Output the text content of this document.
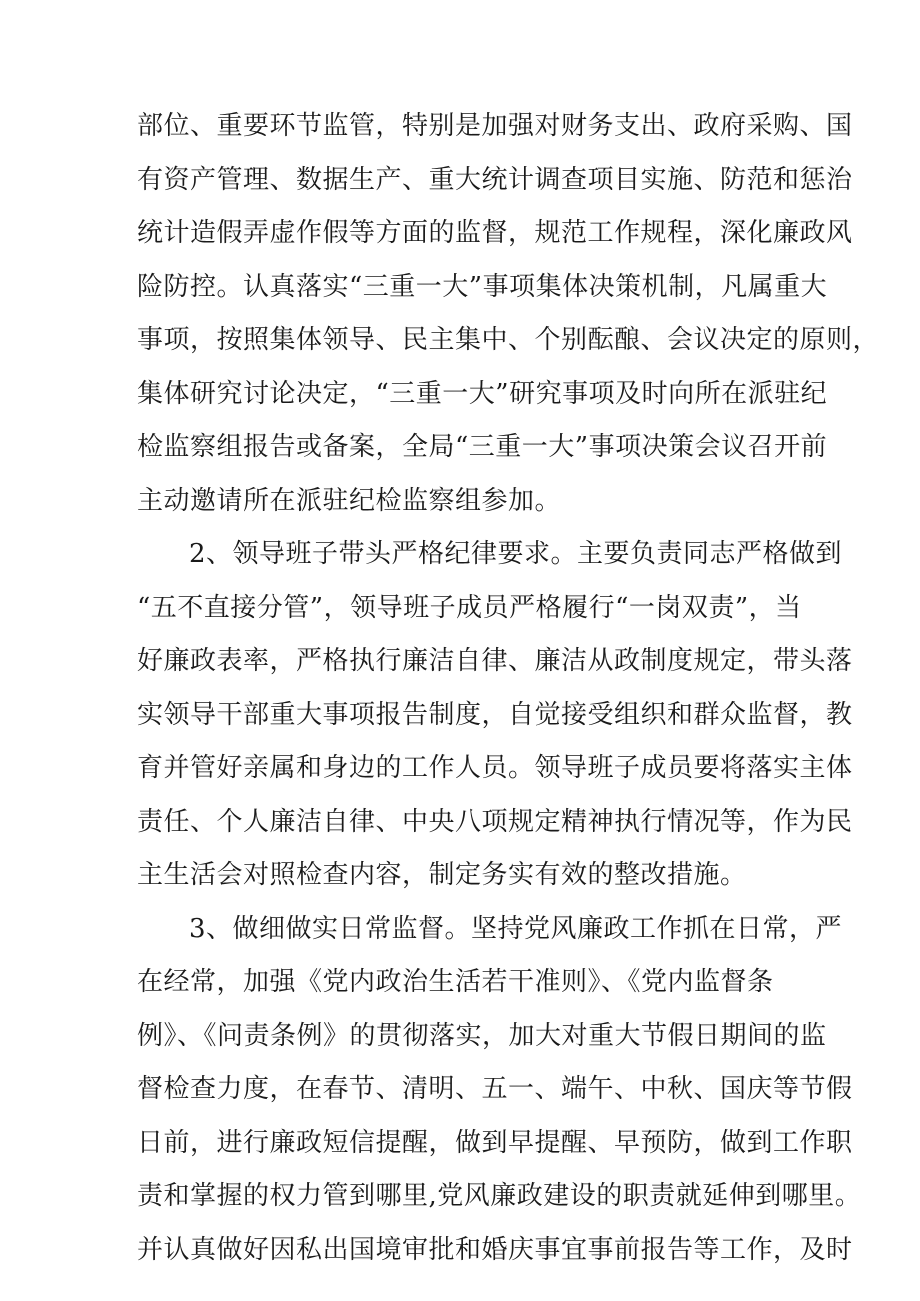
部位、重要环节监管，特别是加强对财务支出、政府采购、国
有资产管理、数据生产、重大统计调查项目实施、防范和惩治
统计造假弄虚作假等方面的监督，规范工作规程，深化廉政风
险防控。认真落实“三重一大”事项集体决策机制，凡属重大
事项，按照集体领导、民主集中、个别酝酿、会议决定的原则，
集体研究讨论决定，“三重一大”研究事项及时向所在派驻纪
检监察组报告或备案，全局“三重一大”事项决策会议召开前
主动邀请所在派驻纪检监察组参加。
2、领导班子带头严格纪律要求。主要负责同志严格做到
“五不直接分管”，领导班子成员严格履行“一岗双责”，当
好廉政表率，严格执行廉洁自律、廉洁从政制度规定，带头落
实领导干部重大事项报告制度，自觉接受组织和群众监督，教
育并管好亲属和身边的工作人员。领导班子成员要将落实主体
责任、个人廉洁自律、中央八项规定精神执行情况等，作为民
主生活会对照检查内容，制定务实有效的整改措施。
3、做细做实日常监督。坚持党风廉政工作抓在日常，严
在经常，加强《党内政治生活若干准则》、《党内监督条
例》、《问责条例》的贯彻落实，加大对重大节假日期间的监
督检查力度，在春节、清明、五一、端午、中秋、国庆等节假
日前，进行廉政短信提醒，做到早提醒、早预防，做到工作职
责和掌握的权力管到哪里,党风廉政建设的职责就延伸到哪里。
并认真做好因私出国境审批和婚庆事宜事前报告等工作，及时
